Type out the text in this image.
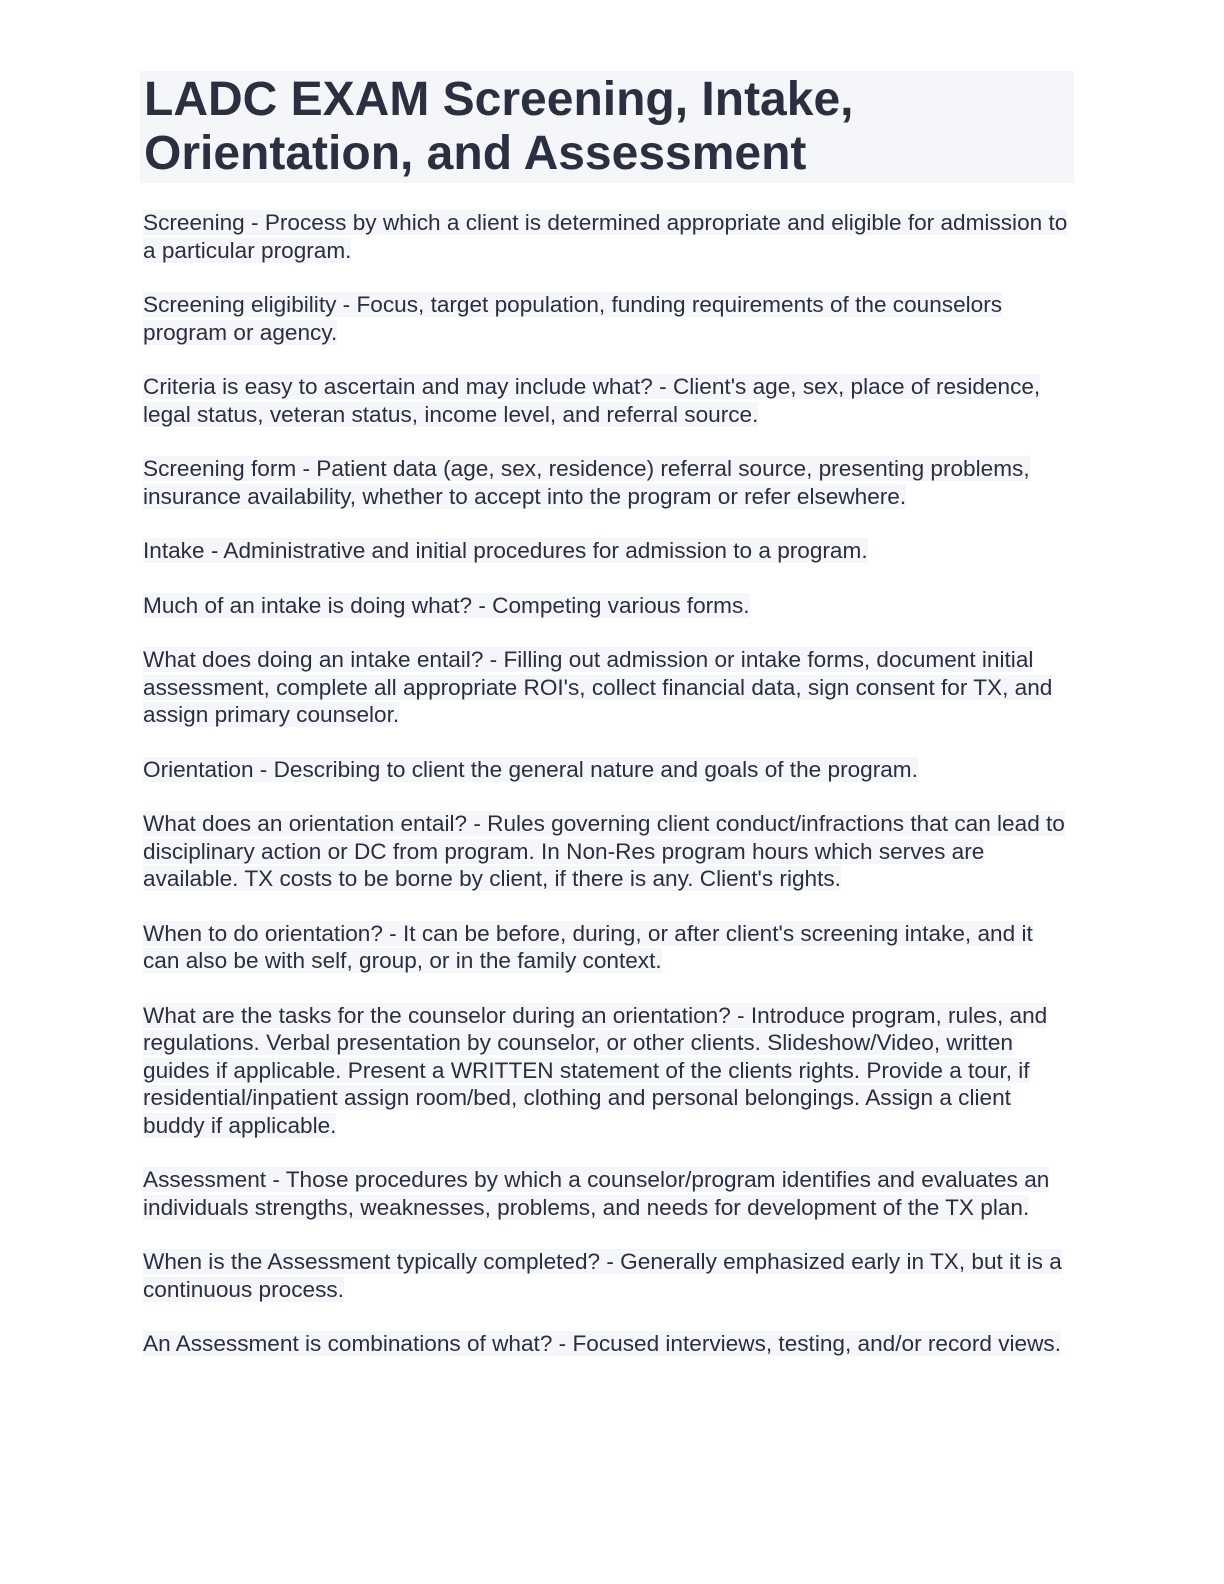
LADC EXAM Screening, Intake, Orientation, and Assessment
Screening - Process by which a client is determined appropriate and eligible for admission to a particular program.
Screening eligibility - Focus, target population, funding requirements of the counselors program or agency.
Criteria is easy to ascertain and may include what? - Client's age, sex, place of residence, legal status, veteran status, income level, and referral source.
Screening form - Patient data (age, sex, residence) referral source, presenting problems, insurance availability, whether to accept into the program or refer elsewhere.
Intake - Administrative and initial procedures for admission to a program.
Much of an intake is doing what? - Competing various forms.
What does doing an intake entail? - Filling out admission or intake forms, document initial assessment, complete all appropriate ROI's, collect financial data, sign consent for TX, and assign primary counselor.
Orientation - Describing to client the general nature and goals of the program.
What does an orientation entail? - Rules governing client conduct/infractions that can lead to disciplinary action or DC from program. In Non-Res program hours which serves are available. TX costs to be borne by client, if there is any. Client's rights.
When to do orientation? - It can be before, during, or after client's screening intake, and it can also be with self, group, or in the family context.
What are the tasks for the counselor during an orientation? - Introduce program, rules, and regulations. Verbal presentation by counselor, or other clients. Slideshow/Video, written guides if applicable. Present a WRITTEN statement of the clients rights. Provide a tour, if residential/inpatient assign room/bed, clothing and personal belongings. Assign a client buddy if applicable.
Assessment - Those procedures by which a counselor/program identifies and evaluates an individuals strengths, weaknesses, problems, and needs for development of the TX plan.
When is the Assessment typically completed? - Generally emphasized early in TX, but it is a continuous process.
An Assessment is combinations of what? - Focused interviews, testing, and/or record views.
